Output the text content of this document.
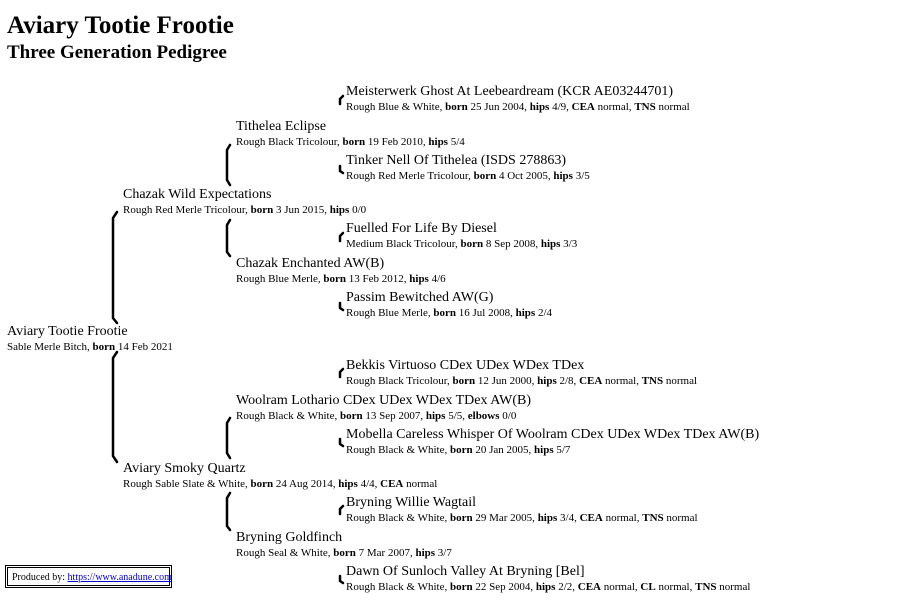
Aviary Tootie Frootie
Three Generation Pedigree
Aviary Tootie Frootie
Sable Merle Bitch, born 14 Feb 2021
Chazak Wild Expectations
Rough Red Merle Tricolour, born 3 Jun 2015, hips 0/0
Aviary Smoky Quartz
Rough Sable Slate & White, born 24 Aug 2014, hips 4/4, CEA normal
Tithelea Eclipse
Rough Black Tricolour, born 19 Feb 2010, hips 5/4
Chazak Enchanted AW(B)
Rough Blue Merle, born 13 Feb 2012, hips 4/6
Woolram Lothario CDex UDex WDex TDex AW(B)
Rough Black & White, born 13 Sep 2007, hips 5/5, elbows 0/0
Bryning Goldfinch
Rough Seal & White, born 7 Mar 2007, hips 3/7
Meisterwerk Ghost At Leebeardream (KCR AE03244701)
Rough Blue & White, born 25 Jun 2004, hips 4/9, CEA normal, TNS normal
Tinker Nell Of Tithelea (ISDS 278863)
Rough Red Merle Tricolour, born 4 Oct 2005, hips 3/5
Fuelled For Life By Diesel
Medium Black Tricolour, born 8 Sep 2008, hips 3/3
Passim Bewitched AW(G)
Rough Blue Merle, born 16 Jul 2008, hips 2/4
Bekkis Virtuoso CDex UDex WDex TDex
Rough Black Tricolour, born 12 Jun 2000, hips 2/8, CEA normal, TNS normal
Mobella Careless Whisper Of Woolram CDex UDex WDex TDex AW(B)
Rough Black & White, born 20 Jan 2005, hips 5/7
Bryning Willie Wagtail
Rough Black & White, born 29 Mar 2005, hips 3/4, CEA normal, TNS normal
Dawn Of Sunloch Valley At Bryning [Bel]
Rough Black & White, born 22 Sep 2004, hips 2/2, CEA normal, CL normal, TNS normal
Produced by: https://www.anadune.com
